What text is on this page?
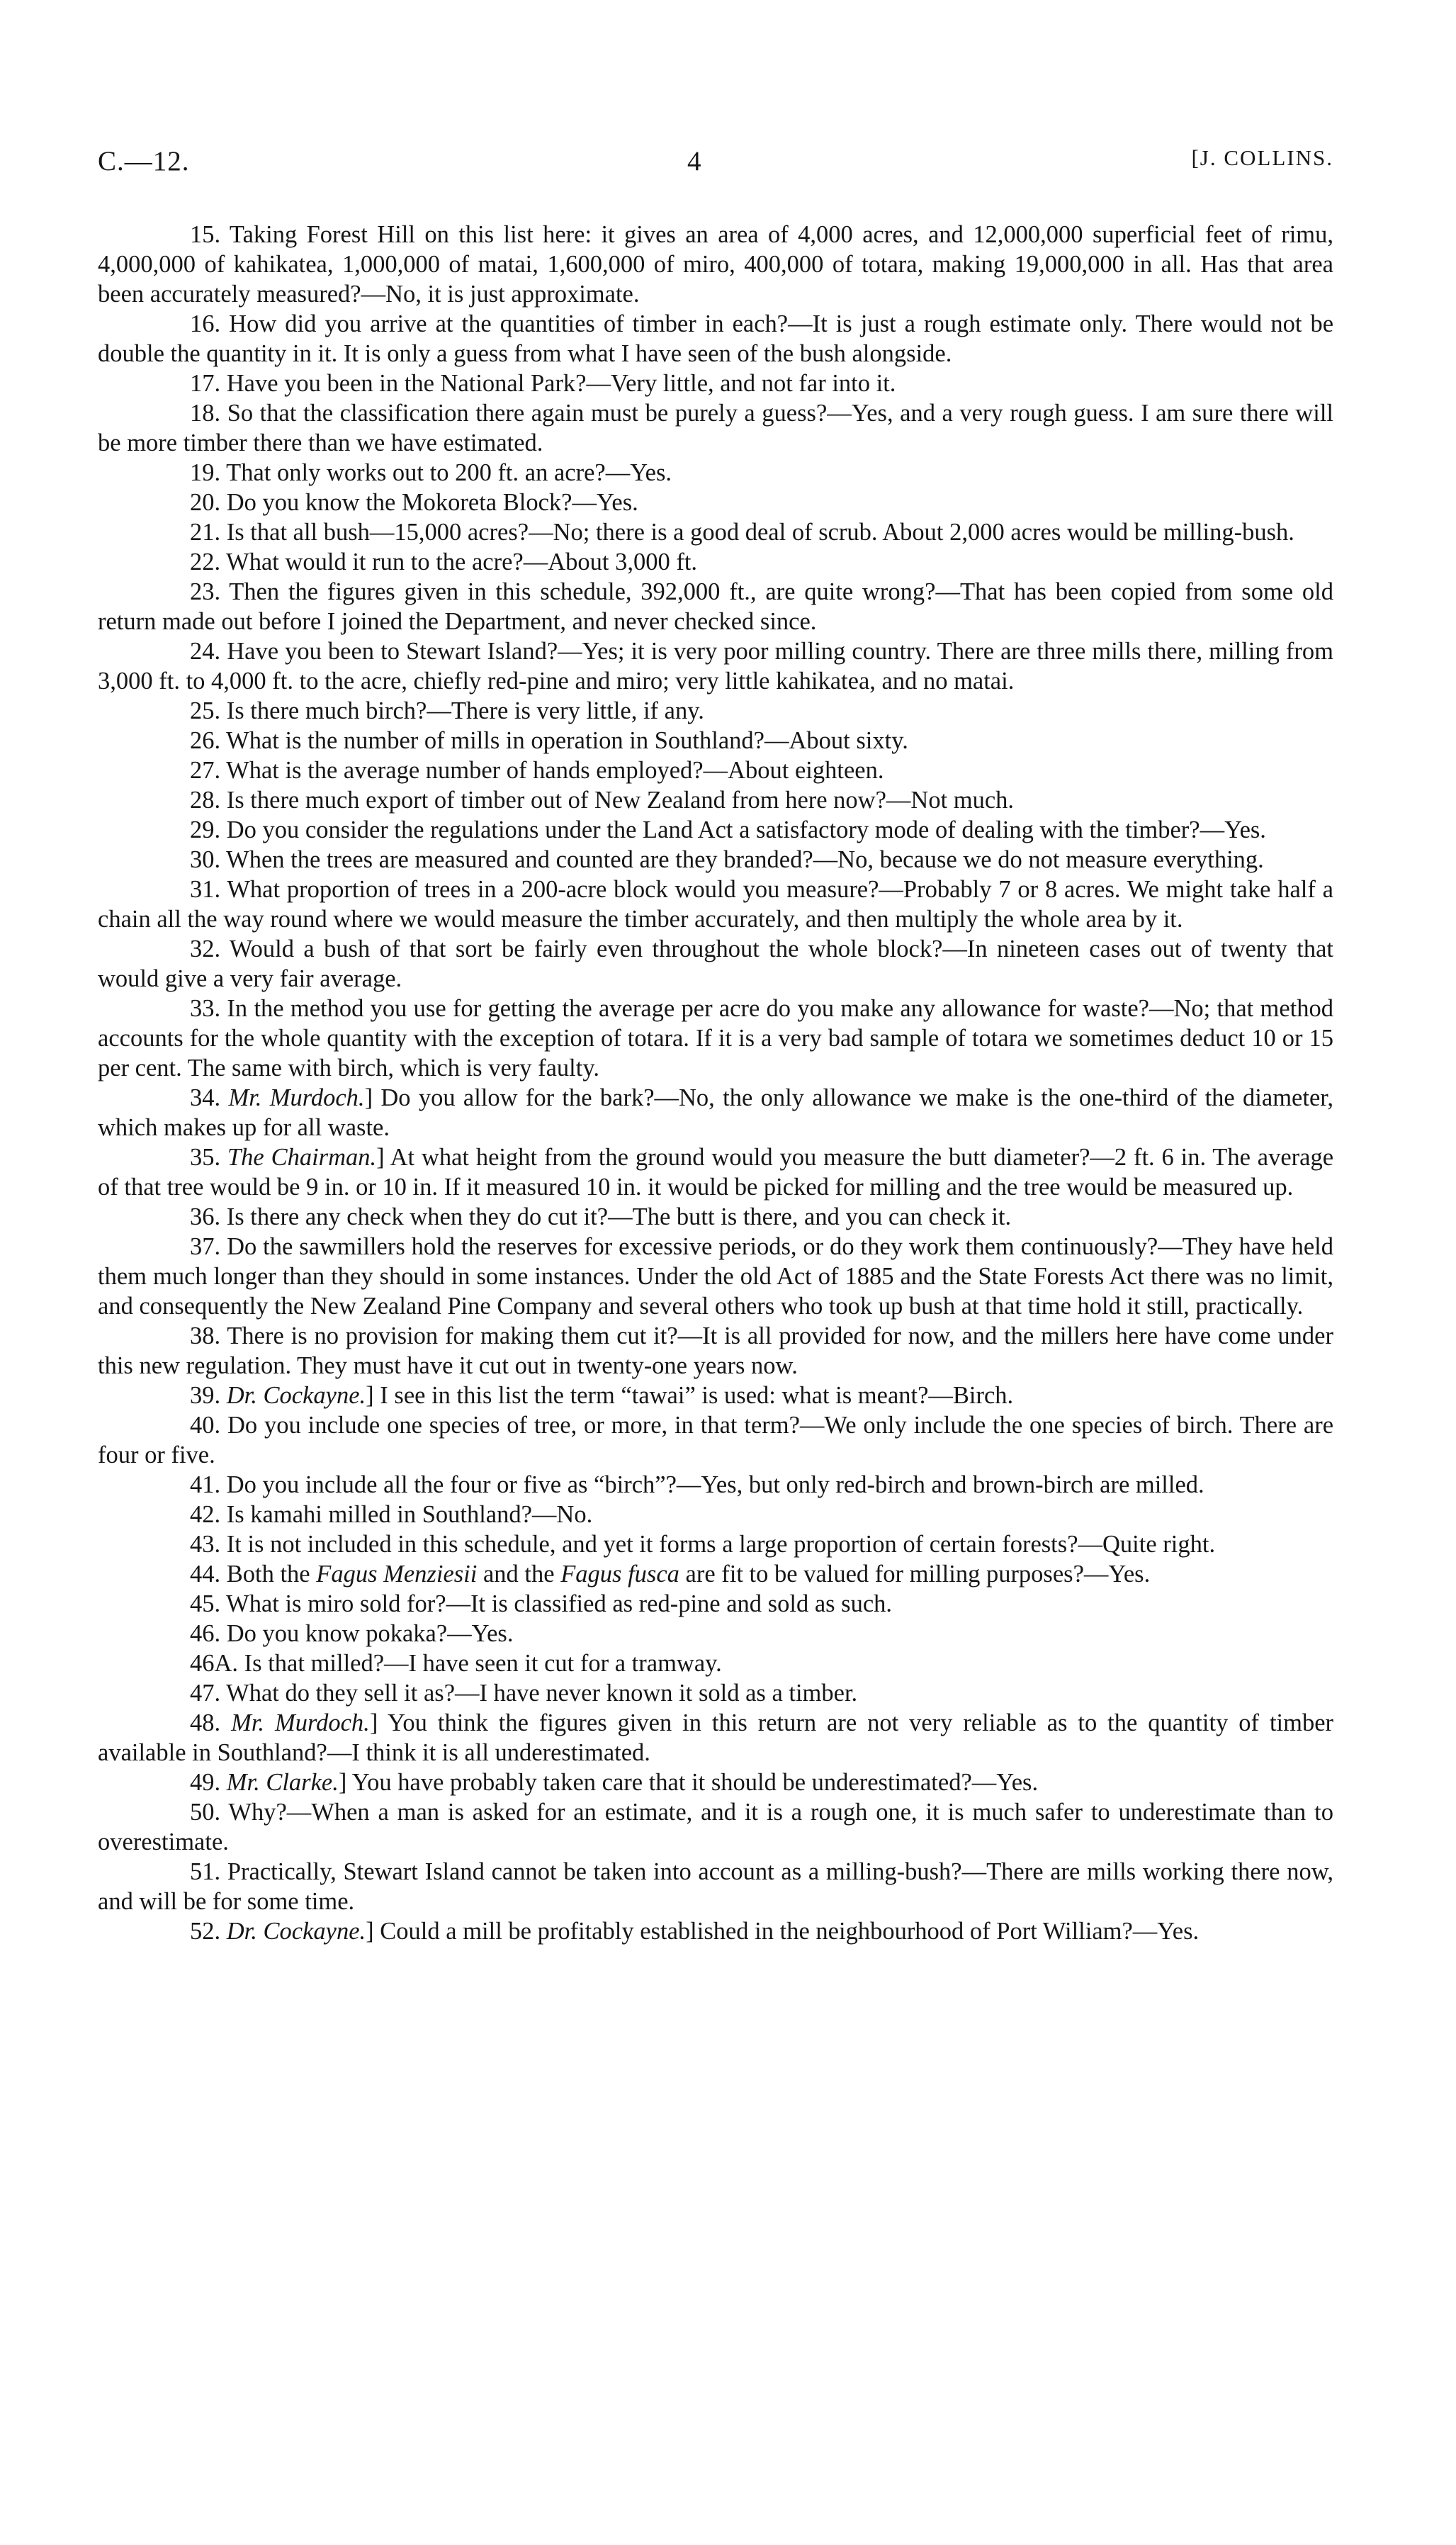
C.—12.	4	[J. COLLINS.

15. Taking Forest Hill on this list here: it gives an area of 4,000 acres, and 12,000,000 superficial feet of rimu, 4,000,000 of kahikatea, 1,000,000 of matai, 1,600,000 of miro, 400,000 of totara, making 19,000,000 in all. Has that area been accurately measured?—No, it is just approximate.

16. How did you arrive at the quantities of timber in each?—It is just a rough estimate only. There would not be double the quantity in it. It is only a guess from what I have seen of the bush alongside.

17. Have you been in the National Park?—Very little, and not far into it.

18. So that the classification there again must be purely a guess?—Yes, and a very rough guess. I am sure there will be more timber there than we have estimated.

19. That only works out to 200 ft. an acre?—Yes.

20. Do you know the Mokoreta Block?—Yes.

21. Is that all bush—15,000 acres?—No; there is a good deal of scrub. About 2,000 acres would be milling-bush.

22. What would it run to the acre?—About 3,000 ft.

23. Then the figures given in this schedule, 392,000 ft., are quite wrong?—That has been copied from some old return made out before I joined the Department, and never checked since.

24. Have you been to Stewart Island?—Yes; it is very poor milling country. There are three mills there, milling from 3,000 ft. to 4,000 ft. to the acre, chiefly red-pine and miro; very little kahikatea, and no matai.

25. Is there much birch?—There is very little, if any.

26. What is the number of mills in operation in Southland?—About sixty.

27. What is the average number of hands employed?—About eighteen.

28. Is there much export of timber out of New Zealand from here now?—Not much.

29. Do you consider the regulations under the Land Act a satisfactory mode of dealing with the timber?—Yes.

30. When the trees are measured and counted are they branded?—No, because we do not measure everything.

31. What proportion of trees in a 200-acre block would you measure?—Probably 7 or 8 acres. We might take half a chain all the way round where we would measure the timber accurately, and then multiply the whole area by it.

32. Would a bush of that sort be fairly even throughout the whole block?—In nineteen cases out of twenty that would give a very fair average.

33. In the method you use for getting the average per acre do you make any allowance for waste?—No; that method accounts for the whole quantity with the exception of totara. If it is a very bad sample of totara we sometimes deduct 10 or 15 per cent. The same with birch, which is very faulty.

34. Mr. Murdoch.] Do you allow for the bark?—No, the only allowance we make is the one-third of the diameter, which makes up for all waste.

35. The Chairman.] At what height from the ground would you measure the butt diameter?—2 ft. 6 in. The average of that tree would be 9 in. or 10 in. If it measured 10 in. it would be picked for milling and the tree would be measured up.

36. Is there any check when they do cut it?—The butt is there, and you can check it.

37. Do the sawmillers hold the reserves for excessive periods, or do they work them continuously?—They have held them much longer than they should in some instances. Under the old Act of 1885 and the State Forests Act there was no limit, and consequently the New Zealand Pine Company and several others who took up bush at that time hold it still, practically.

38. There is no provision for making them cut it?—It is all provided for now, and the millers here have come under this new regulation. They must have it cut out in twenty-one years now.

39. Dr. Cockayne.] I see in this list the term “tawai” is used: what is meant?—Birch.

40. Do you include one species of tree, or more, in that term?—We only include the one species of birch. There are four or five.

41. Do you include all the four or five as “birch”?—Yes, but only red-birch and brown-birch are milled.

42. Is kamahi milled in Southland?—No.

43. It is not included in this schedule, and yet it forms a large proportion of certain forests?—Quite right.

44. Both the Fagus Menziesii and the Fagus fusca are fit to be valued for milling purposes?—Yes.

45. What is miro sold for?—It is classified as red-pine and sold as such.

46. Do you know pokaka?—Yes.

46A. Is that milled?—I have seen it cut for a tramway.

47. What do they sell it as?—I have never known it sold as a timber.

48. Mr. Murdoch.] You think the figures given in this return are not very reliable as to the quantity of timber available in Southland?—I think it is all underestimated.

49. Mr. Clarke.] You have probably taken care that it should be underestimated?—Yes.

50. Why?—When a man is asked for an estimate, and it is a rough one, it is much safer to underestimate than to overestimate.

51. Practically, Stewart Island cannot be taken into account as a milling-bush?—There are mills working there now, and will be for some time.

52. Dr. Cockayne.] Could a mill be profitably established in the neighbourhood of Port William?—Yes.
